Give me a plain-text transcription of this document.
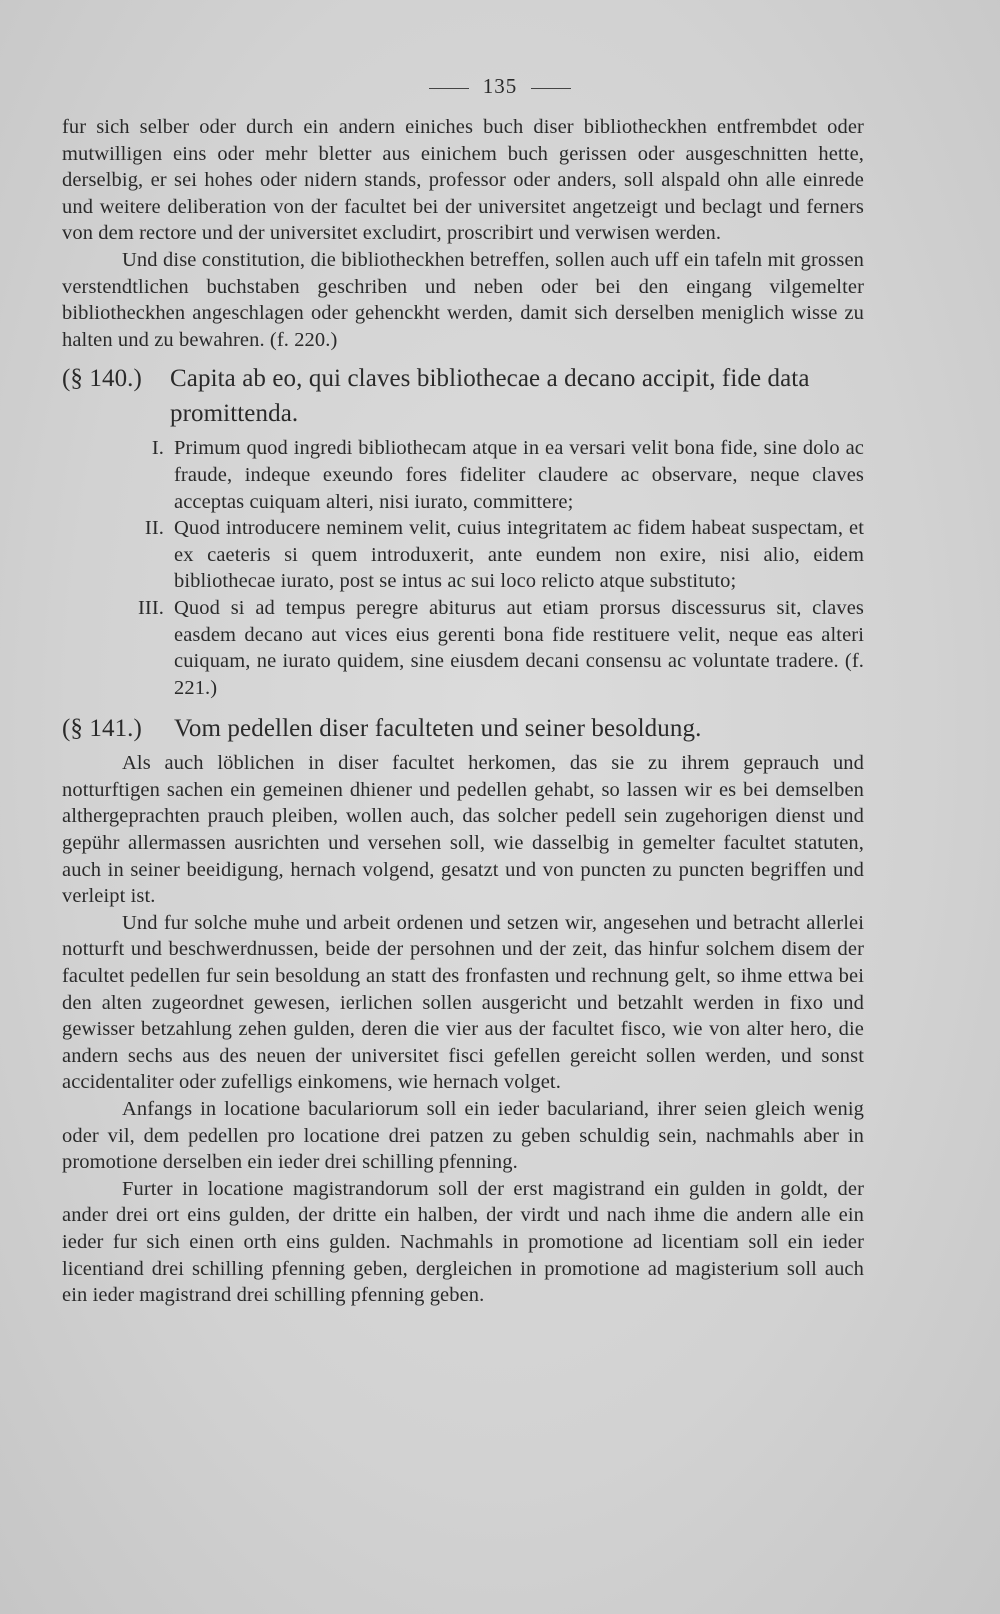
135

fur sich selber oder durch ein andern einiches buch diser bibliotheckhen entfrembdet oder mutwilligen eins oder mehr bletter aus einichem buch gerissen oder ausgeschnitten hette, derselbig, er sei hohes oder nidern stands, professor oder anders, soll alspald ohn alle einrede und weitere deliberation von der facultet bei der universitet angetzeigt und beclagt und ferners von dem rectore und der universitet excludirt, proscribirt und verwisen werden.

Und dise constitution, die bibliotheckhen betreffen, sollen auch uff ein tafeln mit grossen verstendtlichen buchstaben geschriben und neben oder bei den eingang vilgemelter bibliotheckhen angeschlagen oder gehenckht werden, damit sich derselben meniglich wisse zu halten und zu bewahren. (f. 220.)

(§ 140.)	Capita ab eo, qui claves bibliothecae a decano accipit, fide data promittenda.
I. Primum quod ingredi bibliothecam atque in ea versari velit bona fide, sine dolo ac fraude, indeque exeundo fores fideliter claudere ac observare, neque claves acceptas cuiquam alteri, nisi iurato, committere;
II. Quod introducere neminem velit, cuius integritatem ac fidem habeat suspectam, et ex caeteris si quem introduxerit, ante eundem non exire, nisi alio, eidem bibliothecae iurato, post se intus ac sui loco relicto atque substituto;
III. Quod si ad tempus peregre abiturus aut etiam prorsus discessurus sit, claves easdem decano aut vices eius gerenti bona fide restituere velit, neque eas alteri cuiquam, ne iurato quidem, sine eiusdem decani consensu ac voluntate tradere. (f. 221.)
(§ 141.)	Vom pedellen diser faculteten und seiner besoldung.

Als auch löblichen in diser facultet herkomen, das sie zu ihrem geprauch und notturftigen sachen ein gemeinen dhiener und pedellen gehabt, so lassen wir es bei demselben althergeprachten prauch pleiben, wollen auch, das solcher pedell sein zugehorigen dienst und gepühr allermassen ausrichten und versehen soll, wie dasselbig in gemelter facultet statuten, auch in seiner beeidigung, hernach volgend, gesatzt und von puncten zu puncten begriffen und verleipt ist.

Und fur solche muhe und arbeit ordenen und setzen wir, angesehen und betracht allerlei notturft und beschwerdnussen, beide der persohnen und der zeit, das hinfur solchem disem der facultet pedellen fur sein besoldung an statt des fronfasten und rechnung gelt, so ihme ettwa bei den alten zugeordnet gewesen, ierlichen sollen ausgericht und betzahlt werden in fixo und gewisser betzahlung zehen gulden, deren die vier aus der facultet fisco, wie von alter hero, die andern sechs aus des neuen der universitet fisci gefellen gereicht sollen werden, und sonst accidentaliter oder zufelligs einkomens, wie hernach volget.

Anfangs in locatione baculariorum soll ein ieder baculariand, ihrer seien gleich wenig oder vil, dem pedellen pro locatione drei patzen zu geben schuldig sein, nachmahls aber in promotione derselben ein ieder drei schilling pfenning.

Furter in locatione magistrandorum soll der erst magistrand ein gulden in goldt, der ander drei ort eins gulden, der dritte ein halben, der virdt und nach ihme die andern alle ein ieder fur sich einen orth eins gulden. Nachmahls in promotione ad licentiam soll ein ieder licentiand drei schilling pfenning geben, dergleichen in promotione ad magisterium soll auch ein ieder magistrand drei schilling pfenning geben.
